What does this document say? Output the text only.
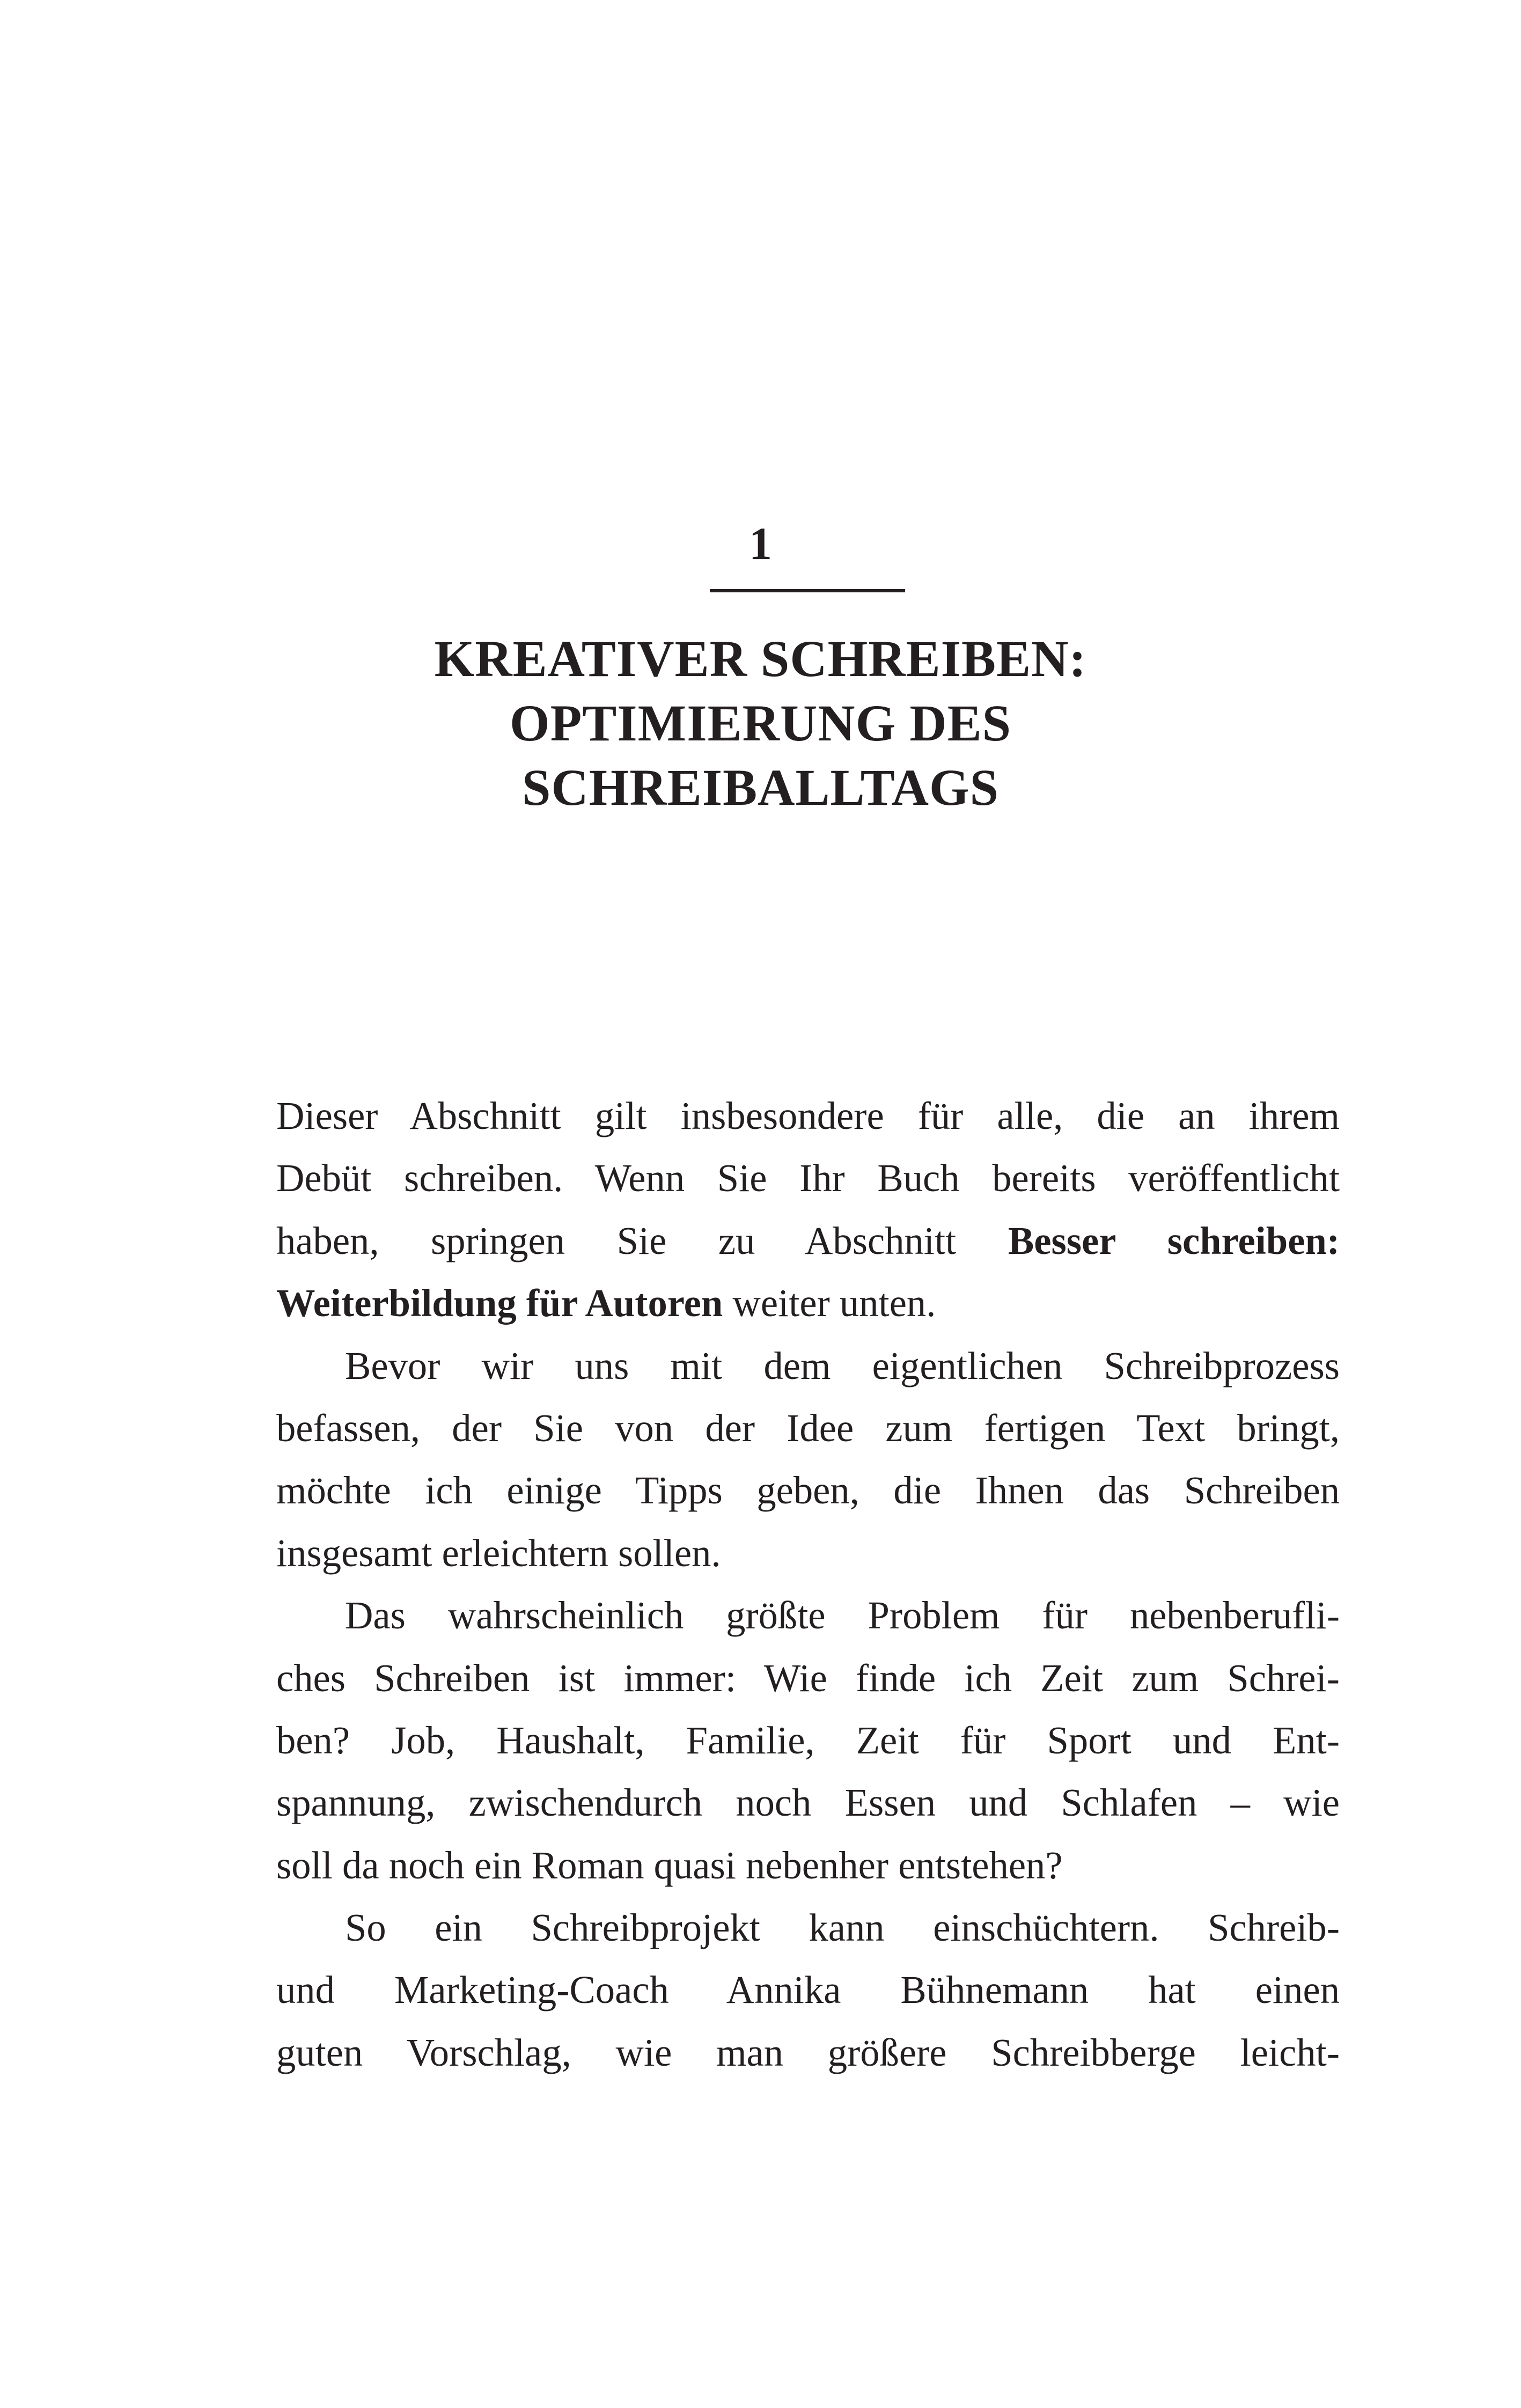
1
KREATIVER SCHREIBEN:
OPTIMIERUNG DES
SCHREIBALLTAGS
Dieser Abschnitt gilt insbesondere für alle, die an ihrem
Debüt schreiben. Wenn Sie Ihr Buch bereits veröffentlicht
haben, springen Sie zu Abschnitt Besser schreiben:
Weiterbildung für Autoren weiter unten.
Bevor wir uns mit dem eigentlichen Schreibprozess
befassen, der Sie von der Idee zum fertigen Text bringt,
möchte ich einige Tipps geben, die Ihnen das Schreiben
insgesamt erleichtern sollen.
Das wahrscheinlich größte Problem für nebenberufli-
ches Schreiben ist immer: Wie finde ich Zeit zum Schrei-
ben? Job, Haushalt, Familie, Zeit für Sport und Ent-
spannung, zwischendurch noch Essen und Schlafen – wie
soll da noch ein Roman quasi nebenher entstehen?
So ein Schreibprojekt kann einschüchtern. Schreib-
und Marketing-Coach Annika Bühnemann hat einen
guten Vorschlag, wie man größere Schreibberge leicht-
